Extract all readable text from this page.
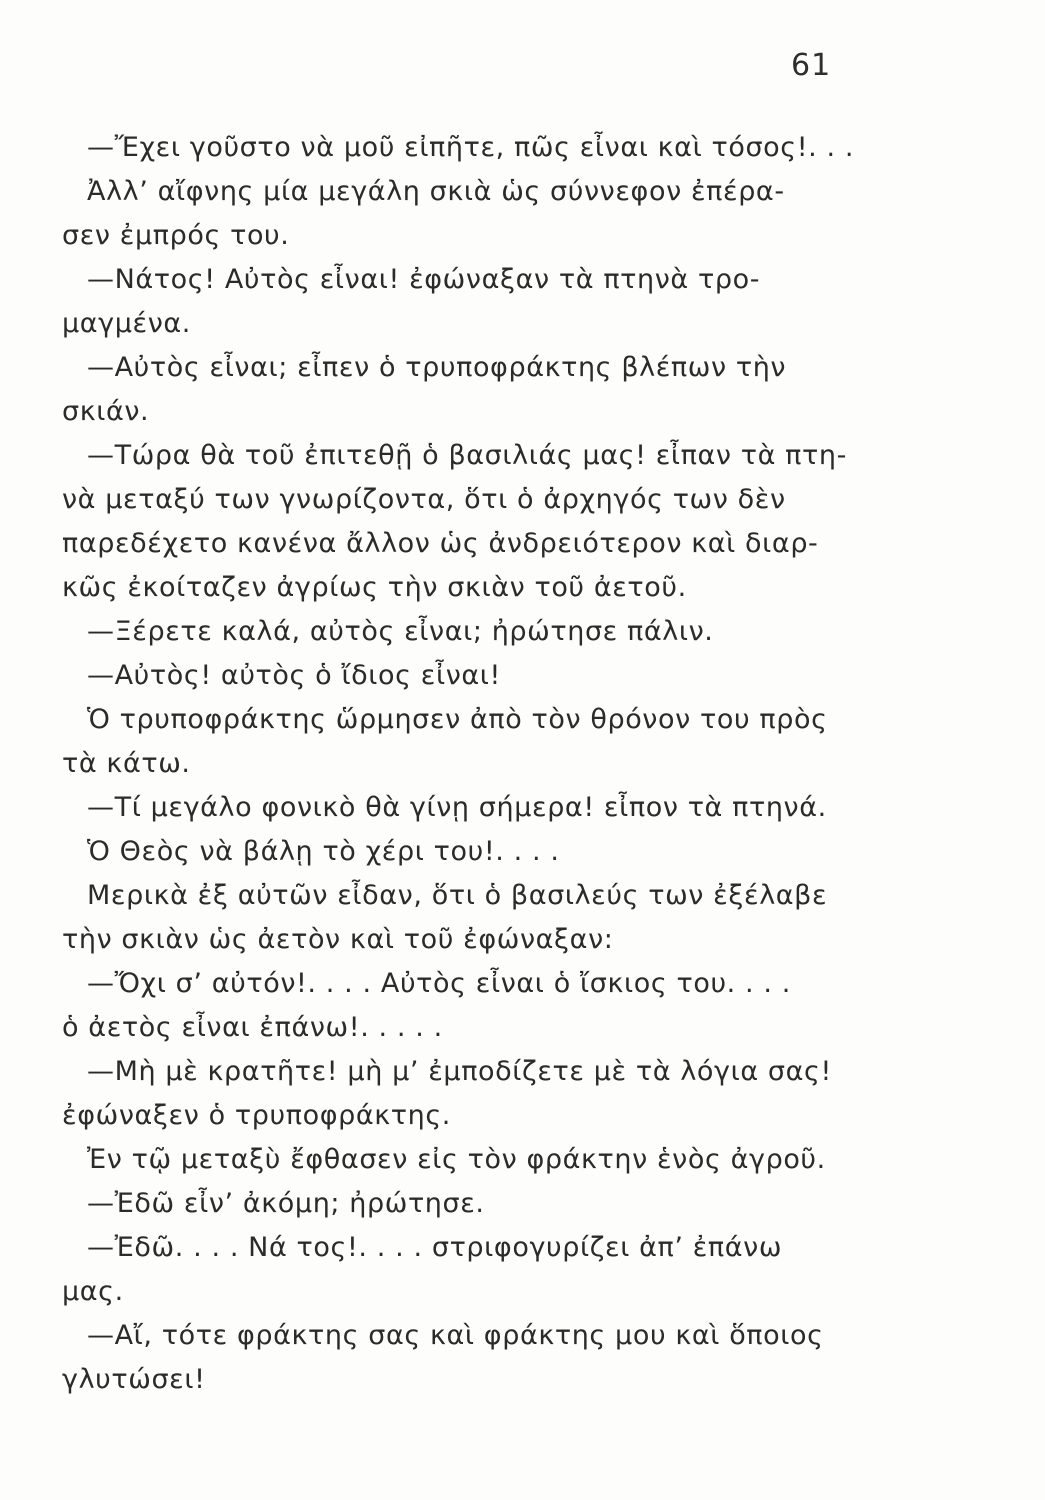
61
—Ἔχει γοῦστο νὰ μοῦ εἰπῆτε, πῶς εἶναι καὶ τόσος!. . .
Ἀλλ’ αἴφνης μία μεγάλη σκιὰ ὡς σύννεφον ἐπέρα-
σεν ἐμπρός του.
—Νάτος! Αὐτὸς εἶναι! ἐφώναξαν τὰ πτηνὰ τρο-
μαγμένα.
—Αὐτὸς εἶναι; εἶπεν ὁ τρυποφράκτης βλέπων τὴν
σκιάν.
—Τώρα θὰ τοῦ ἐπιτεθῇ ὁ βασιλιάς μας! εἶπαν τὰ πτη-
νὰ μεταξύ των γνωρίζοντα, ὅτι ὁ ἀρχηγός των δὲν
παρεδέχετο κανένα ἄλλον ὡς ἀνδρειότερον καὶ διαρ-
κῶς ἐκοίταζεν ἀγρίως τὴν σκιὰν τοῦ ἀετοῦ.
—Ξέρετε καλά, αὐτὸς εἶναι; ἠρώτησε πάλιν.
—Αὐτὸς! αὐτὸς ὁ ἴδιος εἶναι!
Ὁ τρυποφράκτης ὥρμησεν ἀπὸ τὸν θρόνον του πρὸς
τὰ κάτω.
—Τί μεγάλο φονικὸ θὰ γίνῃ σήμερα! εἶπον τὰ πτηνά.
Ὁ Θεὸς νὰ βάλῃ τὸ χέρι του!. . . .
Μερικὰ ἐξ αὐτῶν εἶδαν, ὅτι ὁ βασιλεύς των ἐξέλαβε
τὴν σκιὰν ὡς ἀετὸν καὶ τοῦ ἐφώναξαν:
—Ὄχι σ’ αὐτόν!. . . . Αὐτὸς εἶναι ὁ ἴσκιος του. . . .
ὁ ἀετὸς εἶναι ἐπάνω!. . . . .
—Μὴ μὲ κρατῆτε! μὴ μ’ ἐμποδίζετε μὲ τὰ λόγια σας!
ἐφώναξεν ὁ τρυποφράκτης.
Ἐν τῷ μεταξὺ ἔφθασεν εἰς τὸν φράκτην ἑνὸς ἀγροῦ.
—Ἐδῶ εἶν’ ἀκόμη; ἠρώτησε.
—Ἐδῶ. . . . Νά τος!. . . . στριφογυρίζει ἀπ’ ἐπάνω
μας.
—Αἴ, τότε φράκτης σας καὶ φράκτης μου καὶ ὅποιος
γλυτώσει!
